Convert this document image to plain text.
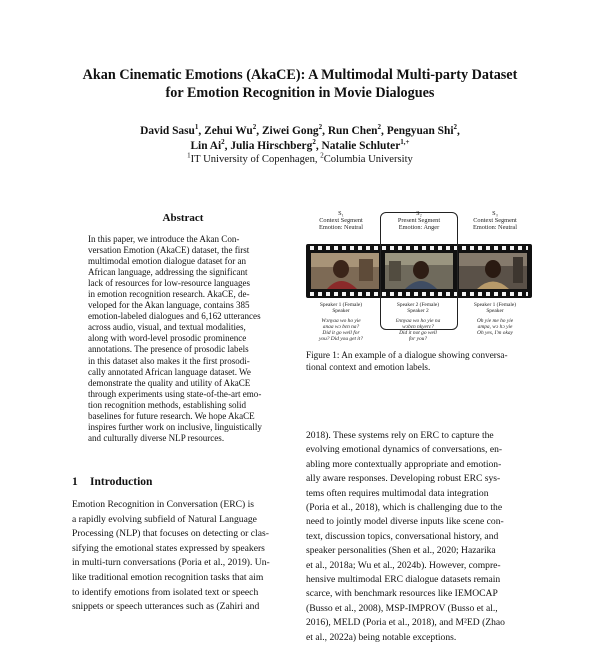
Akan Cinematic Emotions (AkaCE): A Multimodal Multi-party Dataset
for Emotion Recognition in Movie Dialogues
David Sasu$^1$, Zehui Wu$^2$, Ziwei Gong$^2$, Run Chen$^2$, Pengyuan Shi$^2$,
Lin Ai$^2$, Julia Hirschberg$^2$, Natalie Schluter$^{1,+}$
$^1$IT University of Copenhagen, $^2$Columbia University
Abstract
In this paper, we introduce the Akan Con-
versation Emotion (AkaCE) dataset, the first
multimodal emotion dialogue dataset for an
African language, addressing the significant
lack of resources for low-resource languages
in emotion recognition research. AkaCE, de-
veloped for the Akan language, contains 385
emotion-labeled dialogues and 6,162 utterances
across audio, visual, and textual modalities,
along with word-level prosodic prominence
annotations. The presence of prosodic labels
in this dataset also makes it the first prosodi-
cally annotated African language dataset. We
demonstrate the quality and utility of AkaCE
through experiments using state-of-the-art emo-
tion recognition methods, establishing solid
baselines for future research. We hope AkaCE
inspires further work on inclusive, linguistically
and culturally diverse NLP resources.
1 Introduction
Emotion Recognition in Conversation (ERC) is
a rapidly evolving subfield of Natural Language
Processing (NLP) that focuses on detecting or clas-
sifying the emotional states expressed by speakers
in multi-turn conversations (Poria et al., 2019). Un-
like traditional emotion recognition tasks that aim
to identify emotions from isolated text or speech
snippets or speech utterances such as (Zahiri and
S₁
Context Segment
Emotion: Neutral
S₂
Present Segment
Emotion: Anger
S₃
Context Segment
Emotion: Neutral
Speaker 1 (Female)
Speaker
Wɔnyaa wo ho yie
anaa wɔ bɛn na?
Did it go well for
you? Did you get it?
Speaker 2 (Female)
Speaker 2
Ɛnnyaa wo ho yie na
wɔbɛn nkyerɛ?
Did it not go well
for you?
Speaker 1 (Female)
Speaker
Oh yie me ho yie
ampa, wɔ hɔ yie
Oh yes, I'm okay
Figure 1: An example of a dialogue showing conversa-
tional context and emotion labels.
2018). These systems rely on ERC to capture the
evolving emotional dynamics of conversations, en-
abling more contextually appropriate and emotion-
ally aware responses. Developing robust ERC sys-
tems often requires multimodal data integration
(Poria et al., 2018), which is challenging due to the
need to jointly model diverse inputs like scene con-
text, discussion topics, conversational history, and
speaker personalities (Shen et al., 2020; Hazarika
et al., 2018a; Wu et al., 2024b). However, compre-
hensive multimodal ERC dialogue datasets remain
scarce, with benchmark resources like IEMOCAP
(Busso et al., 2008), MSP-IMPROV (Busso et al.,
2016), MELD (Poria et al., 2018), and M²ED (Zhao
et al., 2022a) being notable exceptions.
